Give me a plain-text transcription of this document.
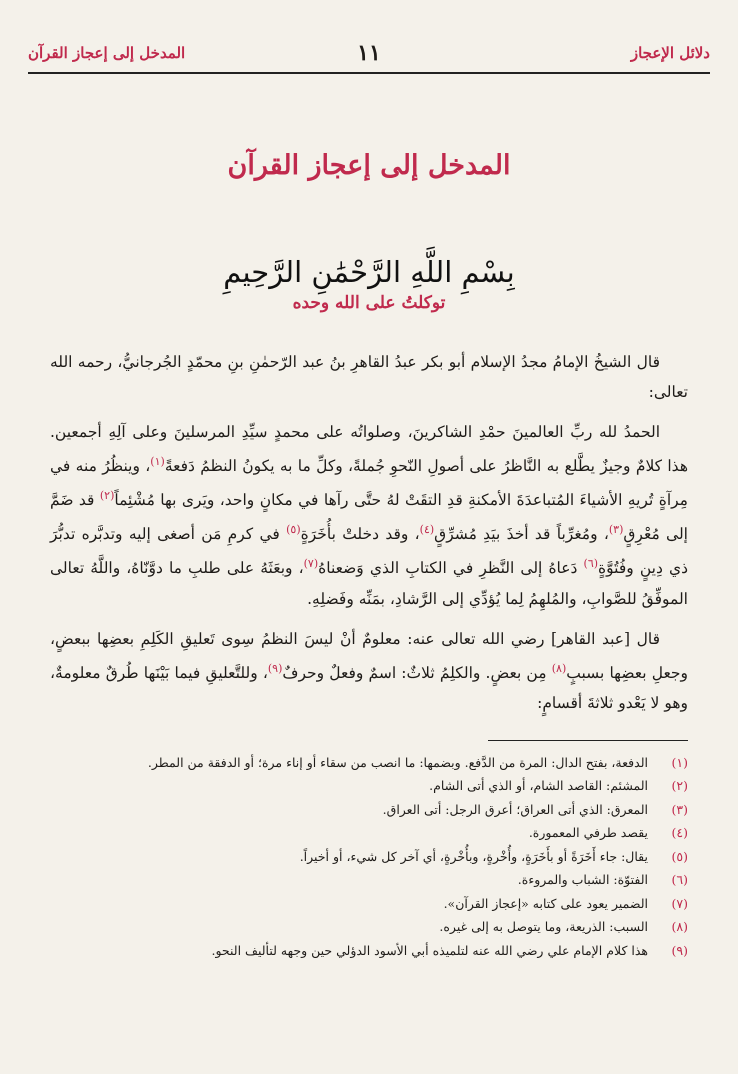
المدخل إلى إعجاز القرآن	١١	دلائل الإعجاز
المدخل إلى إعجاز القرآن
بِسْمِ اللَّهِ الرَّحْمَٰنِ الرَّحِيمِ
توكلتُ على الله وحده

قال الشيخُ الإمامُ مجدُ الإسلام أبو بكر عبدُ القاهرِ بنُ عبد الرّحمٰنِ بنِ محمّدٍ الجُرجانيُّ، رحمه الله تعالى:

الحمدُ لله ربِّ العالمينَ حمْدِ الشاكرينَ، وصلواتُه على محمدٍ سيِّدِ المرسلينَ وعلى آلِهِ أجمعين. هذا كلامٌ وجيزٌ يطَّلع به النَّاظرُ على أصولِ النّحوِ جُملةً، وكلِّ ما به يكونُ النظمُ دَفعةً$^{(١)}$، وينظُرُ منه في مِرآةٍ تُريهِ الأشياءَ المُتباعدَةَ الأمكنةِ قدِ التقَتْ لهُ حتَّى رآها في مكانٍ واحد، ويَرى بها مُشْئِماً$^{(٢)}$ قد ضَمَّ إلى مُعْرِقٍ$^{(٣)}$، ومُغرِّباً قد أخذَ بيَدِ مُشرِّقٍ$^{(٤)}$، وقد دخلتْ بأُخَرَةٍ$^{(٥)}$ في كرمِ مَن أصغى إليه وتدبَّره تدبُّرَ ذي دِينٍ وفُتُوَّةٍ$^{(٦)}$ دَعاهُ إلى النَّظرِ في الكتابِ الذي وَضعناهُ$^{(٧)}$، وبعَثَهُ على طلبِ ما دوَّنّاهُ، واللَّهُ تعالى الموفِّقُ للصَّوابِ، والمُلهِمُ لِما يُؤدِّي إلى الرَّشادِ، بمَنِّه وفَضلِهِ.

قال [عبد القاهر] رضي الله تعالى عنه: معلومٌ أنْ ليسَ النظمُ سِوى تَعليقِ الكَلِمِ بعضِها ببعضٍ، وجعلِ بعضِها بسببٍ$^{(٨)}$ مِن بعضٍ. والكلِمُ ثلاثٌ: اسمٌ وفعلٌ وحرفٌ$^{(٩)}$، وللتَّعليقِ فيما بَيْنَها طُرقٌ معلومةٌ، وهو لا يَعْدو ثلاثةَ أقسامٍ:

(١)
الدفعة، بفتح الدال: المرة من الدَّفع. وبضمها: ما انصب من سقاء أو إناء مرة؛ أو الدفقة من المطر.
(٢)
المشئم: القاصد الشام، أو الذي أتى الشام.
(٣)
المعرق: الذي أتى العراق؛ أعرق الرجل: أتى العراق.
(٤)
يقصد طرفي المعمورة.
(٥)
يقال: جاء أَخَرَةً أو بأَخَرَةٍ، وأُخْرةٍ، وبأُخْرةٍ، أي آخر كل شيء، أو أخيراً.
(٦)
الفتوّة: الشباب والمروءة.
(٧)
الضمير يعود على كتابه «إعجاز القرآن».
(٨)
السبب: الذريعة، وما يتوصل به إلى غيره.
(٩)
هذا كلام الإمام علي رضي الله عنه لتلميذه أبي الأسود الدؤلي حين وجهه لتأليف النحو.
